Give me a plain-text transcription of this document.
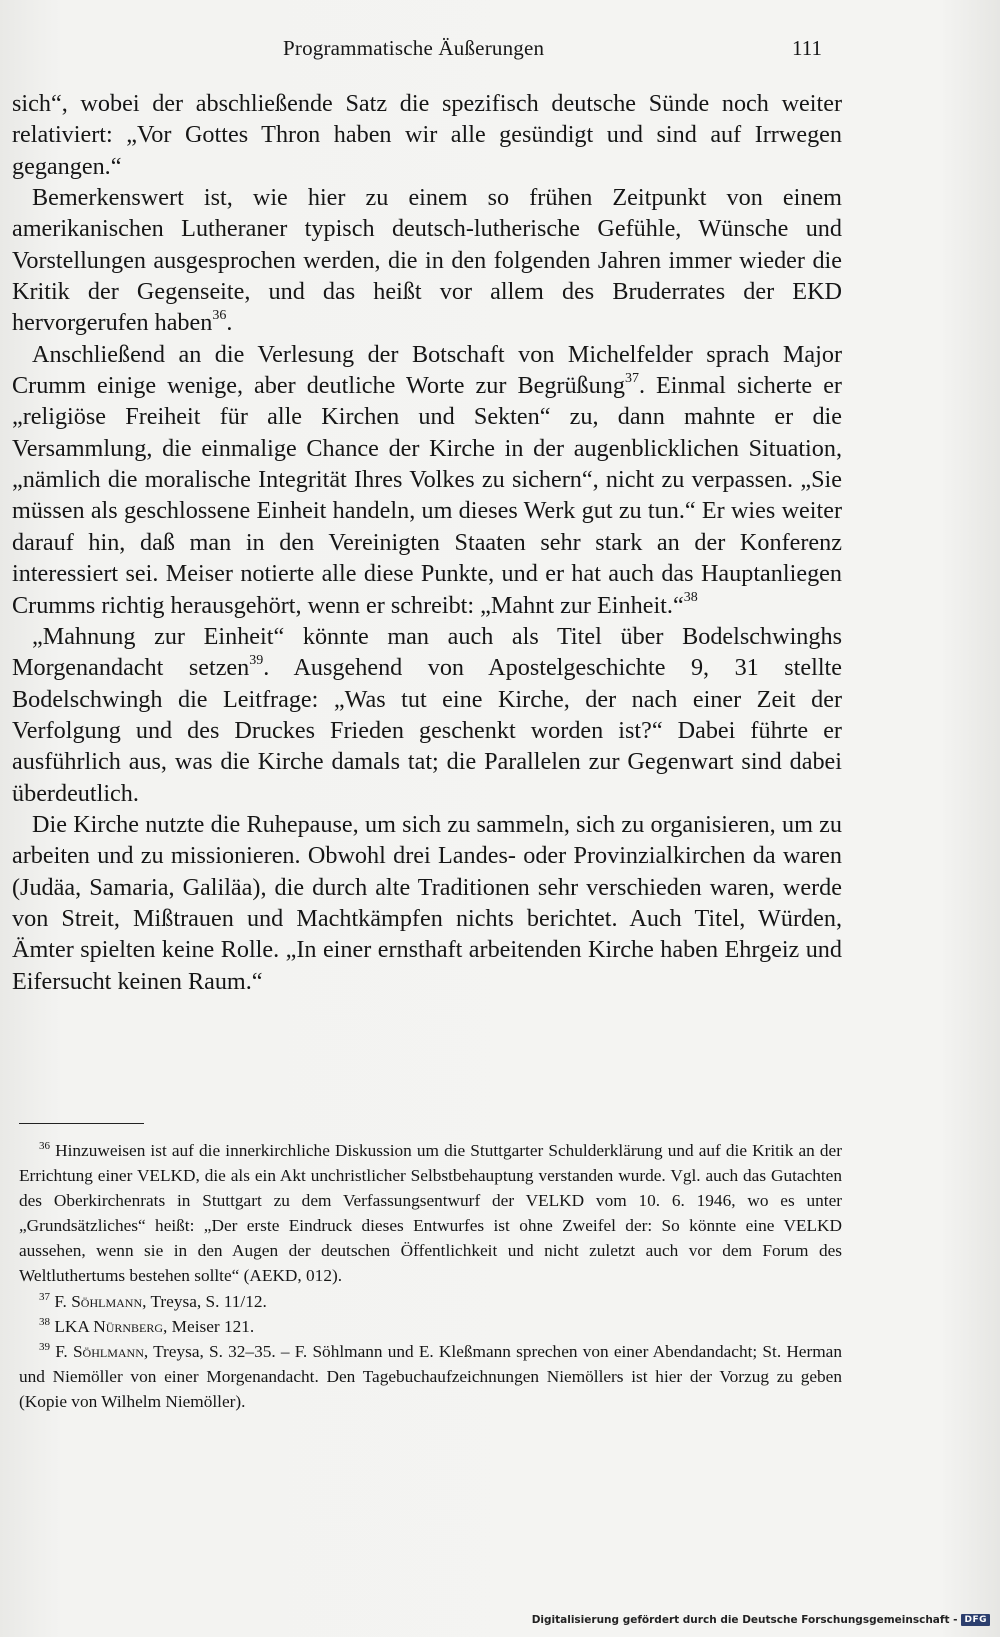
Programmatische Äußerungen	111

sich“, wobei der abschließende Satz die spezifisch deutsche Sünde noch weiter relativiert: „Vor Gottes Thron haben wir alle gesündigt und sind auf Irrwegen gegangen.“

Bemerkenswert ist, wie hier zu einem so frühen Zeitpunkt von einem amerikanischen Lutheraner typisch deutsch-lutherische Gefühle, Wünsche und Vorstellungen ausgesprochen werden, die in den folgenden Jahren immer wieder die Kritik der Gegenseite, und das heißt vor allem des Bruderrates der EKD hervorgerufen haben$^{36}$.

Anschließend an die Verlesung der Botschaft von Michelfelder sprach Major Crumm einige wenige, aber deutliche Worte zur Begrüßung$^{37}$. Einmal sicherte er „religiöse Freiheit für alle Kirchen und Sekten“ zu, dann mahnte er die Versammlung, die einmalige Chance der Kirche in der augenblicklichen Situation, „nämlich die moralische Integrität Ihres Volkes zu sichern“, nicht zu verpassen. „Sie müssen als geschlossene Einheit handeln, um dieses Werk gut zu tun.“ Er wies weiter darauf hin, daß man in den Vereinigten Staaten sehr stark an der Konferenz interessiert sei. Meiser notierte alle diese Punkte, und er hat auch das Hauptanliegen Crumms richtig herausgehört, wenn er schreibt: „Mahnt zur Einheit.“$^{38}$

„Mahnung zur Einheit“ könnte man auch als Titel über Bodelschwinghs Morgenandacht setzen$^{39}$. Ausgehend von Apostelgeschichte 9, 31 stellte Bodelschwingh die Leitfrage: „Was tut eine Kirche, der nach einer Zeit der Verfolgung und des Druckes Frieden geschenkt worden ist?“ Dabei führte er ausführlich aus, was die Kirche damals tat; die Parallelen zur Gegenwart sind dabei überdeutlich.

Die Kirche nutzte die Ruhepause, um sich zu sammeln, sich zu organisieren, um zu arbeiten und zu missionieren. Obwohl drei Landes- oder Provinzialkirchen da waren (Judäa, Samaria, Galiläa), die durch alte Traditionen sehr verschieden waren, werde von Streit, Mißtrauen und Machtkämpfen nichts berichtet. Auch Titel, Würden, Ämter spielten keine Rolle. „In einer ernsthaft arbeitenden Kirche haben Ehrgeiz und Eifersucht keinen Raum.“

$^{36}$ Hinzuweisen ist auf die innerkirchliche Diskussion um die Stuttgarter Schulderklärung und auf die Kritik an der Errichtung einer VELKD, die als ein Akt unchristlicher Selbstbehauptung verstanden wurde. Vgl. auch das Gutachten des Oberkirchenrats in Stuttgart zu dem Verfassungsentwurf der VELKD vom 10. 6. 1946, wo es unter „Grundsätzliches“ heißt: „Der erste Eindruck dieses Entwurfes ist ohne Zweifel der: So könnte eine VELKD aussehen, wenn sie in den Augen der deutschen Öffentlichkeit und nicht zuletzt auch vor dem Forum des Weltluthertums bestehen sollte“ (AEKD, 012).

$^{37}$ F. Söhlmann, Treysa, S. 11/12.

$^{38}$ LKA Nürnberg, Meiser 121.

$^{39}$ F. Söhlmann, Treysa, S. 32–35. – F. Söhlmann und E. Kleßmann sprechen von einer Abendandacht; St. Herman und Niemöller von einer Morgenandacht. Den Tagebuchaufzeichnungen Niemöllers ist hier der Vorzug zu geben (Kopie von Wilhelm Niemöller).

Digitalisierung gefördert durch die Deutsche Forschungsgemeinschaft - DFG
